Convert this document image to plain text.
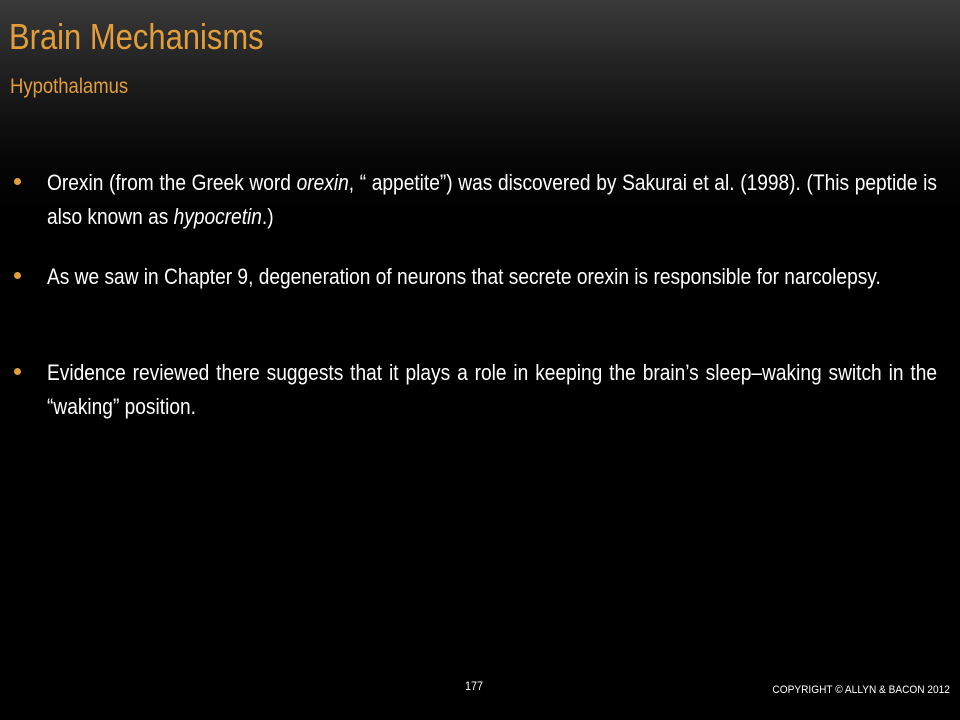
Brain Mechanisms
Hypothalamus

Orexin (from the Greek word orexin, “ appetite”) was discovered by Sakurai et al. (1998). (This peptide is also known as hypocretin.)

As we saw in Chapter 9, degeneration of neurons that secrete orexin is responsible for narcolepsy.

Evidence reviewed there suggests that it plays a role in keeping the brain’s sleep–waking switch in the “waking” position.

177	COPYRIGHT © ALLYN & BACON 2012
